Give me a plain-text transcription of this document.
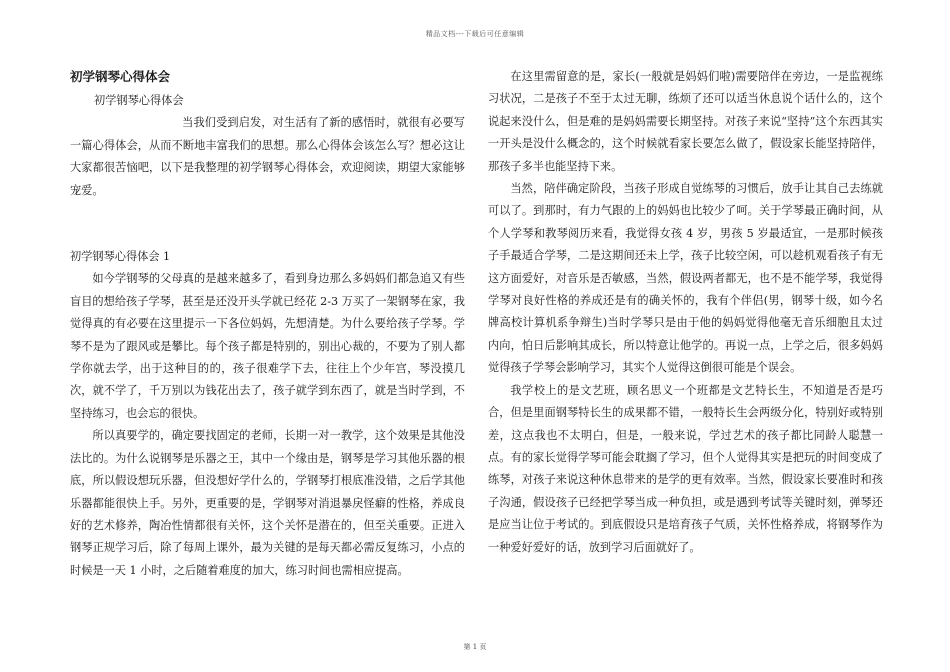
精品文档---下载后可任意编辑
初学钢琴心得体会

初学钢琴心得体会

当我们受到启发，对生活有了新的感悟时，就很有必要写一篇心得体会，从而不断地丰富我们的思想。那么心得体会该怎么写？想必这让大家都很苦恼吧，以下是我整理的初学钢琴心得体会，欢迎阅读，期望大家能够宠爱。

初学钢琴心得体会 1

如今学钢琴的父母真的是越来越多了，看到身边那么多妈妈们都急追又有些盲目的想给孩子学琴，甚至是还没开头学就已经花 2-3 万买了一架钢琴在家，我觉得真的有必要在这里提示一下各位妈妈，先想清楚。为什么要给孩子学琴。学琴不是为了跟风或是攀比。每个孩子都是特别的，别出心裁的，不要为了别人都学你就去学，出于这种目的的，孩子很难学下去，往往上个少年宫，琴没摸几次，就不学了，千万别以为钱花出去了，孩子就学到东西了，就是当时学到，不坚持练习，也会忘的很快。

所以真要学的，确定要找固定的老师，长期一对一教学，这个效果是其他没法比的。为什么说钢琴是乐器之王，其中一个缘由是，钢琴是学习其他乐器的根底，所以假设想玩乐器，但没想好学什么的，学钢琴打根底准没错，之后学其他乐器都能很快上手。另外，更重要的是，学钢琴对消退暴戾怪癖的性格，养成良好的艺术修养，陶冶性情都很有关怀，这个关怀是潜在的，但至关重要。正进入钢琴正规学习后，除了每周上课外，最为关键的是每天都必需反复练习，小点的时候是一天 1 小时，之后随着难度的加大，练习时间也需相应提高。

在这里需留意的是，家长(一般就是妈妈们啦)需要陪伴在旁边，一是监视练习状况，二是孩子不至于太过无聊，练烦了还可以适当休息说个话什么的，这个说起来没什么，但是难的是妈妈需要长期坚持。对孩子来说“坚持”这个东西其实一开头是没什么概念的，这个时候就看家长要怎么做了，假设家长能坚持陪伴，那孩子多半也能坚持下来。

当然，陪伴确定阶段，当孩子形成自觉练琴的习惯后，放手让其自己去练就可以了。到那时，有力气跟的上的妈妈也比较少了呵。关于学琴最正确时间，从个人学琴和教琴阅历来看，我觉得女孩 4 岁，男孩 5 岁最适宜，一是那时候孩子手最适合学琴，二是这期间还未上学，孩子比较空闲，可以趁机观看孩子有无这方面爱好，对音乐是否敏感，当然，假设两者都无，也不是不能学琴，我觉得学琴对良好性格的养成还是有的确关怀的，我有个伴侣(男，钢琴十级，如今名牌高校计算机系争辩生)当时学琴只是由于他的妈妈觉得他毫无音乐细胞且太过内向，怕日后影响其成长，所以特意让他学的。再说一点，上学之后，很多妈妈觉得孩子学琴会影响学习，其实个人觉得这倒很可能是个误会。

我学校上的是文艺班，顾名思义一个班都是文艺特长生，不知道是否是巧合，但是里面钢琴特长生的成果都不错，一般特长生会两级分化，特别好或特别差，这点我也不太明白，但是，一般来说，学过艺术的孩子都比同龄人聪慧一点。有的家长觉得学琴可能会耽搁了学习，但个人觉得其实是把玩的时间变成了练琴，对孩子来说这种休息带来的是学的更有效率。当然，假设家长要准时和孩子沟通，假设孩子已经把学琴当成一种负担，或是遇到考试等关键时刻，弹琴还是应当让位于考试的。到底假设只是培育孩子气质，关怀性格养成，将钢琴作为一种爱好爱好的话，放到学习后面就好了。

第 1 页
